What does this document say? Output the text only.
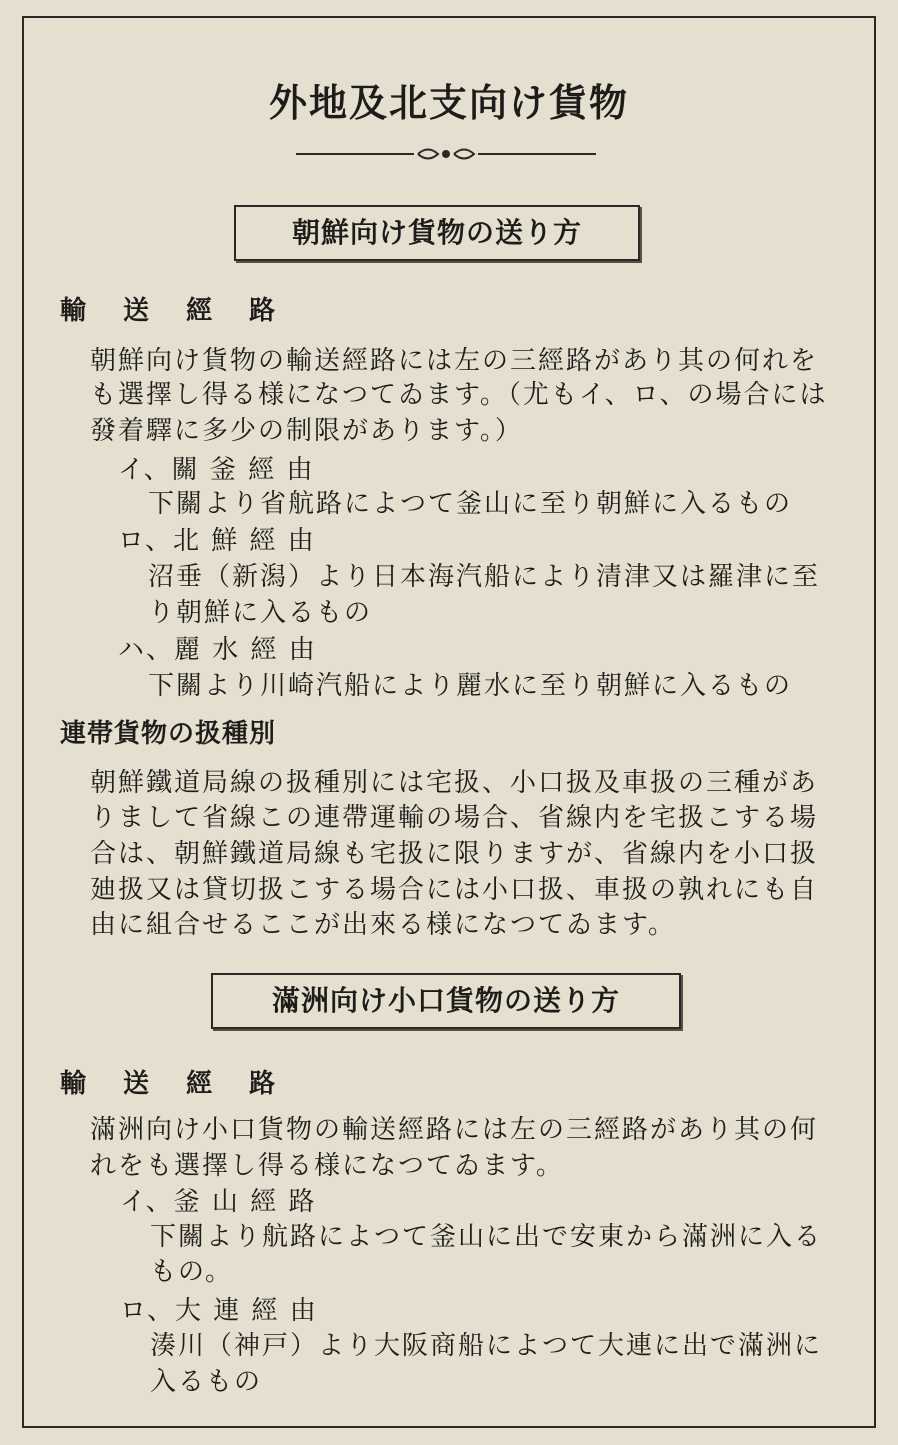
外地及北支向け貨物
朝鮮向け貨物の送り方
輸 送 經 路
朝鮮向け貨物の輸送經路には左の三經路があり其の何れを
も選擇し得る様になつてゐます。（尤もイ、ロ、の場合には
發着驛に多少の制限があります。）
イ、關 釜 經 由
下關より省航路によつて釜山に至り朝鮮に入るもの
ロ、北 鮮 經 由
沼垂（新潟）より日本海汽船により清津又は羅津に至
り朝鮮に入るもの
ハ、麗 水 經 由
下關より川崎汽船により麗水に至り朝鮮に入るもの
連帯貨物の扱種別
朝鮮鐵道局線の扱種別には宅扱、小口扱及車扱の三種があ
りまして省線この連帶運輸の場合、省線内を宅扱こする場
合は、朝鮮鐵道局線も宅扱に限りますが、省線内を小口扱
廸扱又は貸切扱こする場合には小口扱、車扱の孰れにも自
由に組合せるここが出來る様になつてゐます。
滿洲向け小口貨物の送り方
輸 送 經 路
滿洲向け小口貨物の輸送經路には左の三經路があり其の何
れをも選擇し得る様になつてゐます。
イ、釜 山 經 路
下關より航路によつて釜山に出で安東から滿洲に入る
もの。
ロ、大 連 經 由
湊川（神戸）より大阪商船によつて大連に出で滿洲に
入るもの
